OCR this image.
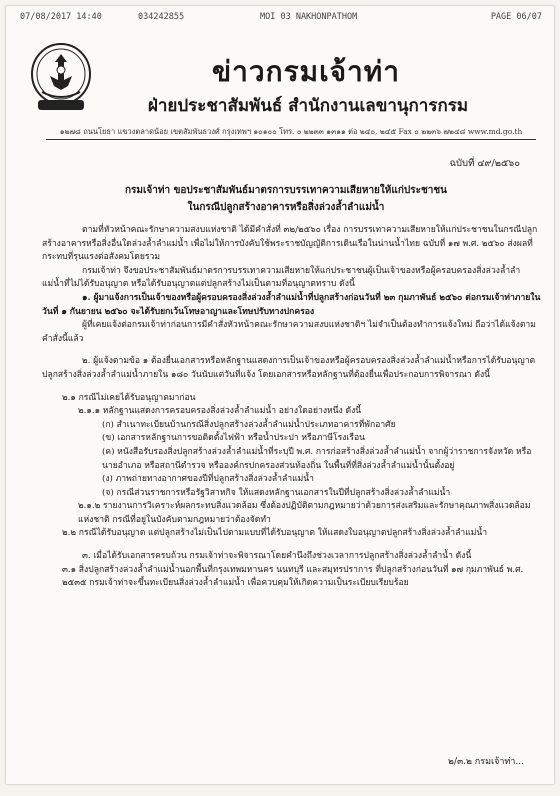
07/08/2017 14:40	034242855	MOI 03 NAKHONPATHOM	PAGE 06/07
ข่าวกรมเจ้าท่า
ฝ่ายประชาสัมพันธ์ สำนักงานเลขานุการกรม
๑๒๗๘ ถนนโยธา แขวงตลาดน้อย เขตสัมพันธวงศ์ กรุงเทพฯ ๑๐๑๐๐ โทร. ๐ ๒๒๓๓ ๑๓๑๑ ต่อ ๒๔๐, ๒๔๕ Fax ๐ ๒๒๓๖ ๗๒๔๘ www.md.go.th
ฉบับที่ ๔๙/๒๕๖๐
กรมเจ้าท่า ขอประชาสัมพันธ์มาตรการบรรเทาความเสียหายให้แก่ประชาชน
ในกรณีปลูกสร้างอาคารหรือสิ่งล่วงล้ำลำแม่น้ำ

ตามที่หัวหน้าคณะรักษาความสงบแห่งชาติ ได้มีคำสั่งที่ ๓๒/๒๕๖๐ เรื่อง การบรรเทาความเสียหายให้แก่ประชาชนในกรณีปลูกสร้างอาคารหรือสิ่งอื่นใดล่วงล้ำลำแม่น้ำ เพื่อไม่ให้การบังคับใช้พระราชบัญญัติการเดินเรือในน่านน้ำไทย ฉบับที่ ๑๗ พ.ศ. ๒๕๖๐ ส่งผลที่กระทบที่รุนแรงต่อสังคมโดยรวม

กรมเจ้าท่า จึงขอประชาสัมพันธ์มาตรการบรรเทาความเสียหายให้แก่ประชาชนผู้เป็นเจ้าของหรือผู้ครอบครองสิ่งล่วงล้ำลำแม่น้ำที่ไม่ได้รับอนุญาต หรือได้รับอนุญาตแต่ปลูกสร้างไม่เป็นตามที่อนุญาตทราบ ดังนี้

๑. ผู้มาแจ้งการเป็นเจ้าของหรือผู้ครอบครองสิ่งล่วงล้ำลำแม่น้ำที่ปลูกสร้างก่อนวันที่ ๒๓ กุมภาพันธ์ ๒๕๖๐ ต่อกรมเจ้าท่าภายในวันที่ ๑ กันยายน ๒๕๖๐ จะได้รับยกเว้นโทษอาญาและโทษปรับทางปกครอง

ผู้ที่เคยแจ้งต่อกรมเจ้าท่าก่อนการมีคำสั่งหัวหน้าคณะรักษาความสงบแห่งชาติฯ ไม่จำเป็นต้องทำการแจ้งใหม่ ถือว่าได้แจ้งตามคำสั่งนี้แล้ว

๒. ผู้แจ้งตามข้อ ๑ ต้องยื่นเอกสารหรือหลักฐานแสดงการเป็นเจ้าของหรือผู้ครอบครองสิ่งล่วงล้ำลำแม่น้ำหรือการได้รับอนุญาตปลูกสร้างสิ่งล่วงล้ำลำแม่น้ำภายใน ๑๘๐ วันนับแต่วันที่แจ้ง โดยเอกสารหรือหลักฐานที่ต้องยื่นเพื่อประกอบการพิจารณา ดังนี้

๒.๑ กรณีไม่เคยได้รับอนุญาตมาก่อน

๒.๑.๑ หลักฐานแสดงการครอบครองสิ่งล่วงล้ำลำแม่น้ำ อย่างใดอย่างหนึ่ง ดังนี้

(ก) สำเนาทะเบียนบ้านกรณีสิ่งปลูกสร้างล่วงล้ำลำแม่น้ำประเภทอาคารที่พักอาศัย

(ข) เอกสารหลักฐานการขอติดตั้งไฟฟ้า หรือน้ำประปา หรือภาษีโรงเรือน

(ค) หนังสือรับรองสิ่งปลูกสร้างล่วงล้ำลำแม่น้ำที่ระบุปี พ.ศ. การก่อสร้างสิ่งล่วงล้ำลำแม่น้ำ จากผู้ว่าราชการจังหวัด หรือนายอำเภอ หรือสถานีตำรวจ หรือองค์กรปกครองส่วนท้องถิ่น ในพื้นที่ที่สิ่งล่วงล้ำลำแม่น้ำนั้นตั้งอยู่

(ง) ภาพถ่ายทางอากาศของปีที่ปลูกสร้างสิ่งล่วงล้ำลำแม่น้ำ

(จ) กรณีส่วนราชการหรือรัฐวิสาหกิจ ให้แสดงหลักฐานเอกสารในปีที่ปลูกสร้างสิ่งล่วงล้ำลำแม่น้ำ

๒.๑.๒ รายงานการวิเคราะห์ผลกระทบสิ่งแวดล้อม ซึ่งต้องปฏิบัติตามกฎหมายว่าด้วยการส่งเสริมและรักษาคุณภาพสิ่งแวดล้อมแห่งชาติ กรณีที่อยู่ในบังคับตามกฎหมายว่าต้องจัดทำ

๒.๒ กรณีได้รับอนุญาต แต่ปลูกสร้างไม่เป็นไปตามแบบที่ได้รับอนุญาต ให้แสดงใบอนุญาตปลูกสร้างสิ่งล่วงล้ำลำแม่น้ำ

๓. เมื่อได้รับเอกสารครบถ้วน กรมเจ้าท่าจะพิจารณาโดยคำนึงถึงช่วงเวลาการปลูกสร้างสิ่งล่วงล้ำลำน้ำ ดังนี้

๓.๑ สิ่งปลูกสร้างล่วงล้ำลำแม่น้ำนอกพื้นที่กรุงเทพมหานคร นนทบุรี และสมุทรปราการ ที่ปลูกสร้างก่อนวันที่ ๑๗ กุมภาพันธ์ พ.ศ. ๒๕๓๕ กรมเจ้าท่าจะขึ้นทะเบียนสิ่งล่วงล้ำลำแม่น้ำ เพื่อควบคุมให้เกิดความเป็นระเบียบเรียบร้อย

๒/๓.๒ กรมเจ้าท่า...
